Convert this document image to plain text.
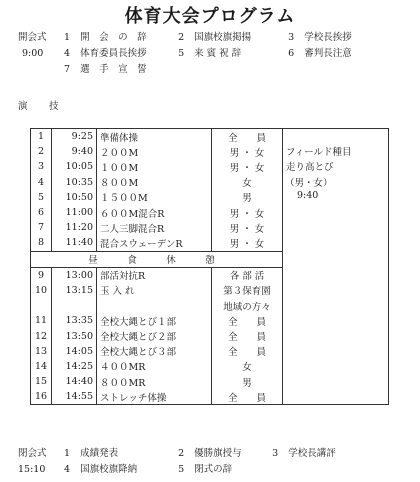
体育大会プログラム
開会式 1 開　会　の　辞	2 国旗校旗掲揚	3 学校長挨拶
9:00 4 体育委員長挨拶	5 来 賓 祝 辞	6 審判長注意
7 選　手　宣　誓
演　技
1	9:25	準備体操	全　　員	
2	9:40	２００M	男 ・ 女	フィールド種目
3	10:05	１００M	男 ・ 女	走り高とび
4	10:35	８００M	女	（男・女）
5	10:50	１５００M	男	9:40
6	11:00	６００M混合R	男 ・ 女	
7	11:20	二人三脚混合R	男 ・ 女	
8	11:40	混合スウェーデンR	男 ・ 女	
昼　食　休　憩				
9	13:00	部活対抗R	各 部 活	
10	13:15	玉 入 れ	第３保育園	
			地域の方々	
11	13:35	全校大縄とび１部	全　　員	
12	13:50	全校大縄とび２部	全　　員	
13	14:05	全校大縄とび３部	全　　員	
14	14:25	４００MR	女	
15	14:40	８００MR	男	
16	14:55	ストレッチ体操	全　　員	
閉会式 1 成績発表	2 優勝旗授与	3 学校長講評
15:10 4 国旗校旗降納	5 閉式の辞
